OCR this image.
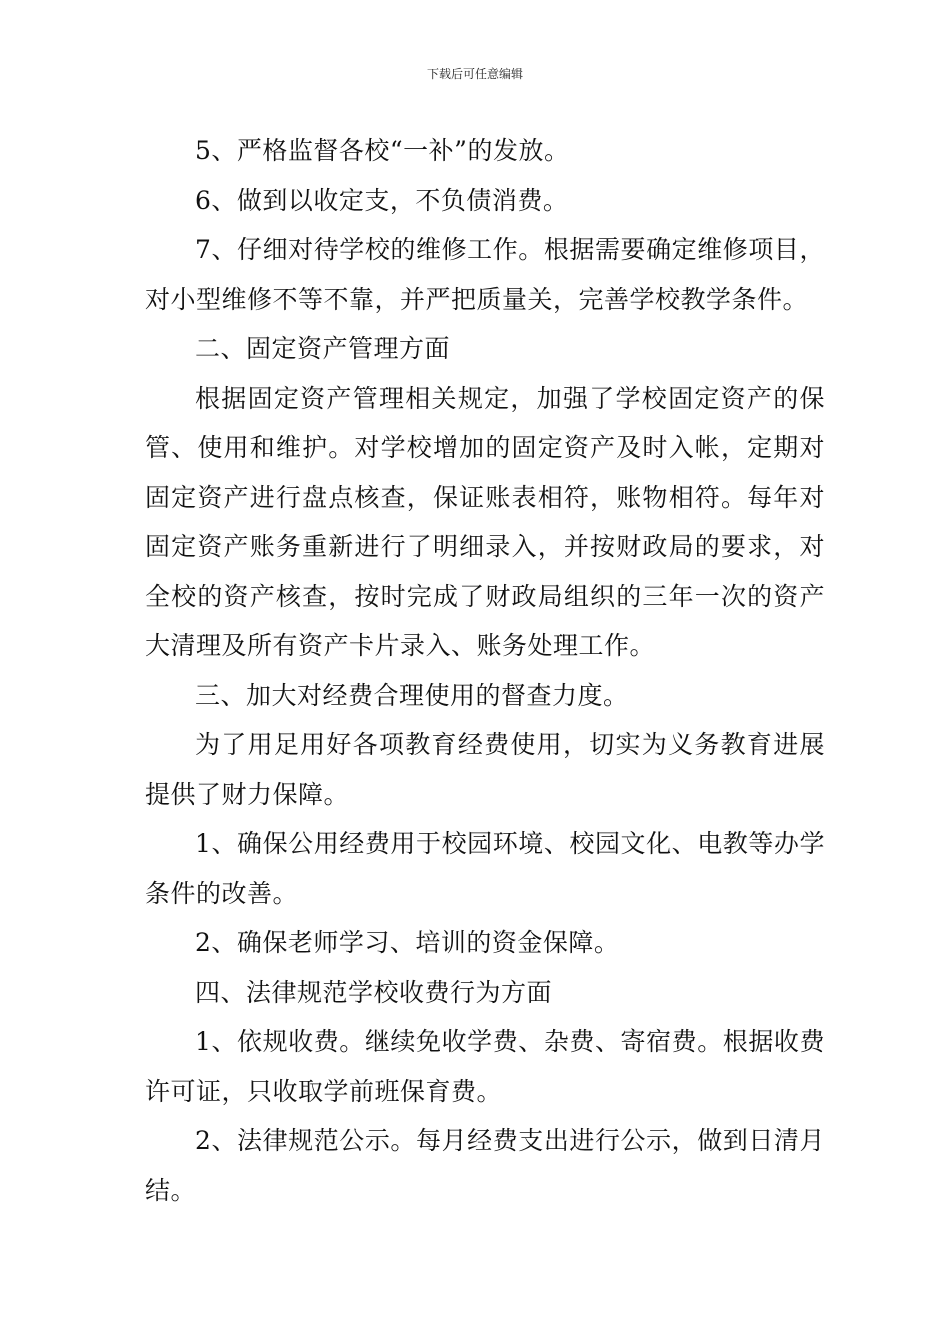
下载后可任意编辑

5、严格监督各校“一补”的发放。

6、做到以收定支，不负债消费。

7、仔细对待学校的维修工作。根据需要确定维修项目，对小型维修不等不靠，并严把质量关，完善学校教学条件。

二、固定资产管理方面

根据固定资产管理相关规定，加强了学校固定资产的保管、使用和维护。对学校增加的固定资产及时入帐，定期对固定资产进行盘点核查，保证账表相符，账物相符。每年对固定资产账务重新进行了明细录入，并按财政局的要求，对全校的资产核查，按时完成了财政局组织的三年一次的资产大清理及所有资产卡片录入、账务处理工作。

三、加大对经费合理使用的督查力度。

为了用足用好各项教育经费使用，切实为义务教育进展提供了财力保障。

1、确保公用经费用于校园环境、校园文化、电教等办学条件的改善。

2、确保老师学习、培训的资金保障。

四、法律规范学校收费行为方面

1、依规收费。继续免收学费、杂费、寄宿费。根据收费许可证，只收取学前班保育费。

2、法律规范公示。每月经费支出进行公示，做到日清月结。
